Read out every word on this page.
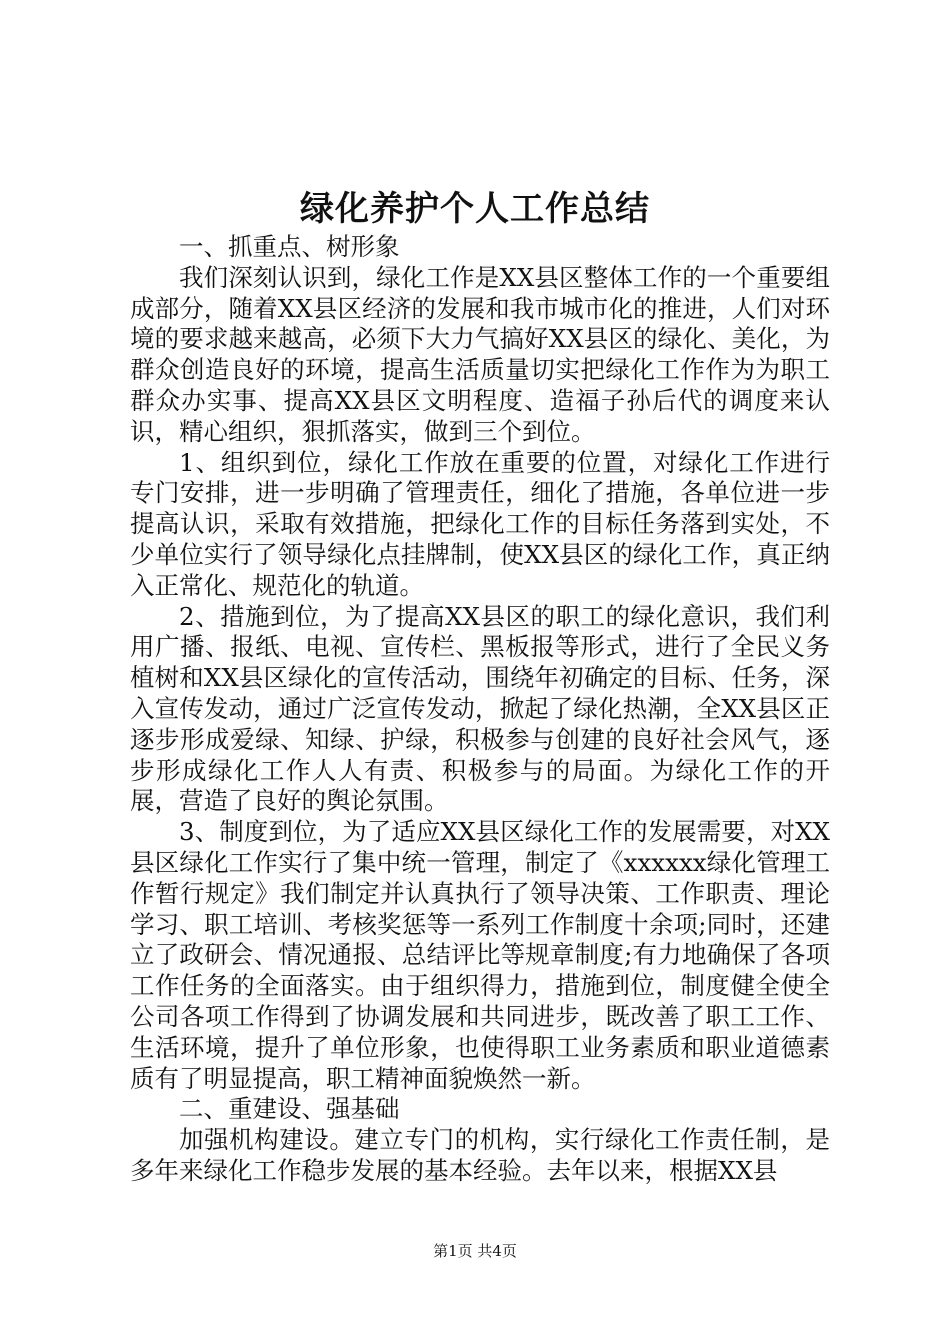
绿化养护个人工作总结

一、抓重点、树形象

我们深刻认识到，绿化工作是XX县区整体工作的一个重要组成部分，随着XX县区经济的发展和我市城市化的推进，人们对环境的要求越来越高，必须下大力气搞好XX县区的绿化、美化，为群众创造良好的环境，提高生活质量切实把绿化工作作为为职工群众办实事、提高XX县区文明程度、造福子孙后代的调度来认识，精心组织，狠抓落实，做到三个到位。

1、组织到位，绿化工作放在重要的位置，对绿化工作进行专门安排，进一步明确了管理责任，细化了措施，各单位进一步提高认识，采取有效措施，把绿化工作的目标任务落到实处，不少单位实行了领导绿化点挂牌制，使XX县区的绿化工作，真正纳入正常化、规范化的轨道。

2、措施到位，为了提高XX县区的职工的绿化意识，我们利用广播、报纸、电视、宣传栏、黑板报等形式，进行了全民义务植树和XX县区绿化的宣传活动，围绕年初确定的目标、任务，深入宣传发动，通过广泛宣传发动，掀起了绿化热潮，全XX县区正逐步形成爱绿、知绿、护绿，积极参与创建的良好社会风气，逐步形成绿化工作人人有责、积极参与的局面。为绿化工作的开展，营造了良好的舆论氛围。

3、制度到位，为了适应XX县区绿化工作的发展需要，对XX县区绿化工作实行了集中统一管理，制定了《xxxxxx绿化管理工作暂行规定》我们制定并认真执行了领导决策、工作职责、理论学习、职工培训、考核奖惩等一系列工作制度十余项;同时，还建立了政研会、情况通报、总结评比等规章制度;有力地确保了各项工作任务的全面落实。由于组织得力，措施到位，制度健全使全公司各项工作得到了协调发展和共同进步，既改善了职工工作、生活环境，提升了单位形象，也使得职工业务素质和职业道德素质有了明显提高，职工精神面貌焕然一新。

二、重建设、强基础

加强机构建设。建立专门的机构，实行绿化工作责任制，是多年来绿化工作稳步发展的基本经验。去年以来，根据XX县

第1页 共4页
